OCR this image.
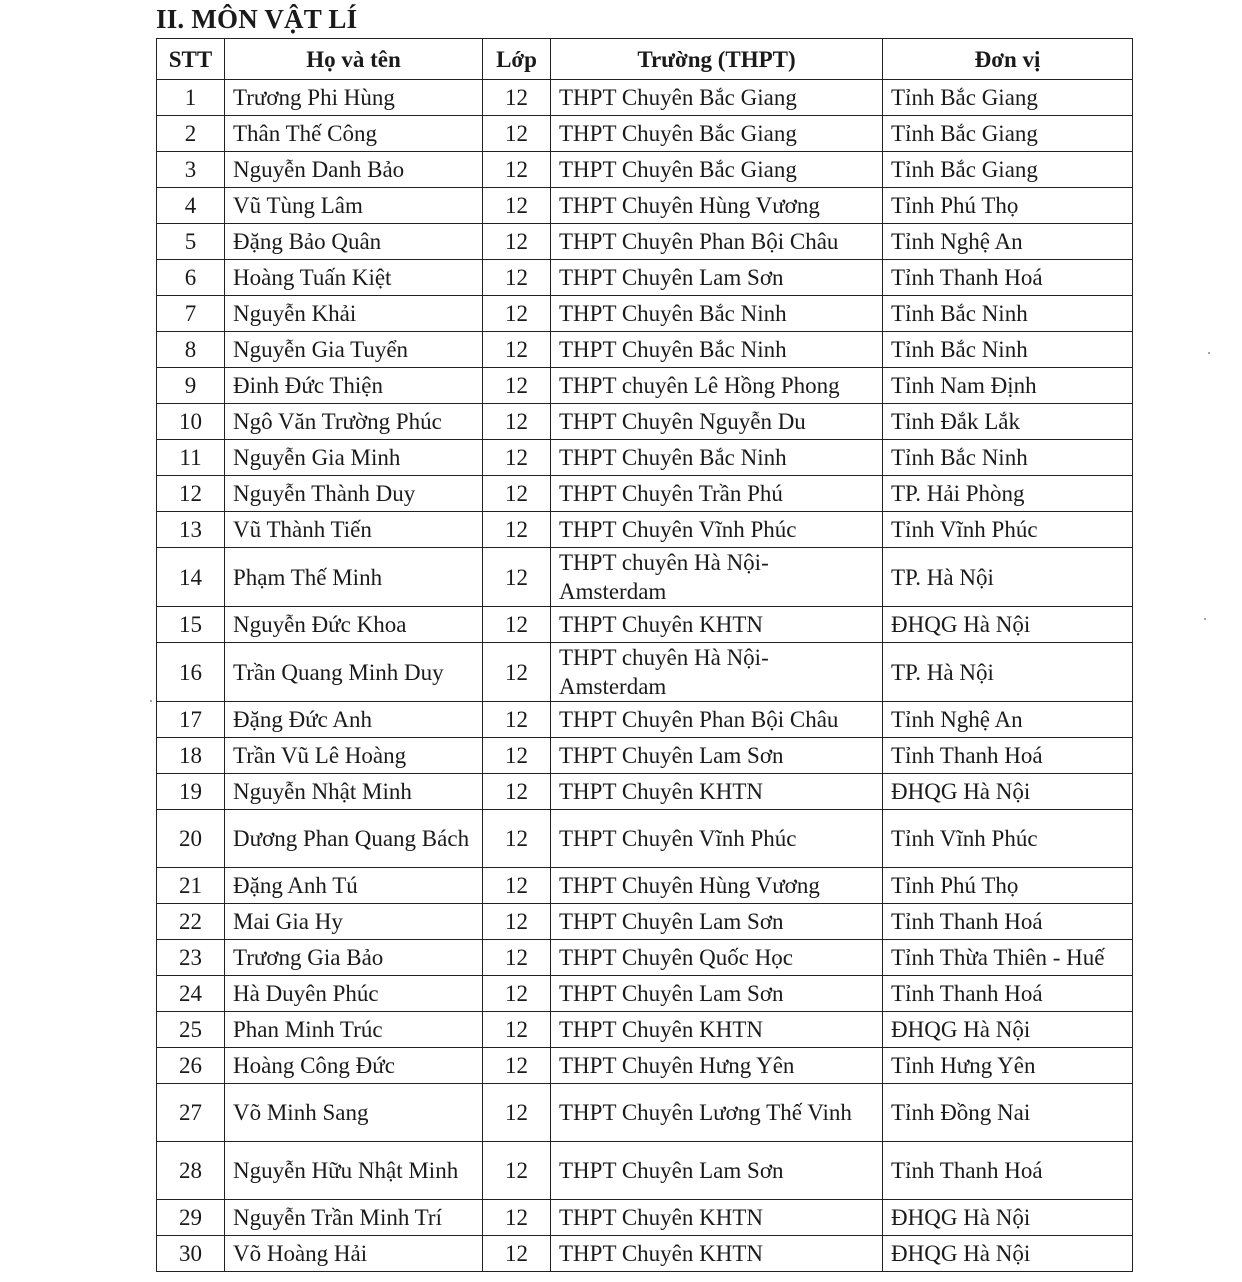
II. MÔN VẬT LÍ
STT	Họ và tên	Lớp	Trường (THPT)	Đơn vị
1	Trương Phi Hùng	12	THPT Chuyên Bắc Giang	Tỉnh Bắc Giang
2	Thân Thế Công	12	THPT Chuyên Bắc Giang	Tỉnh Bắc Giang
3	Nguyễn Danh Bảo	12	THPT Chuyên Bắc Giang	Tỉnh Bắc Giang
4	Vũ Tùng Lâm	12	THPT Chuyên Hùng Vương	Tỉnh Phú Thọ
5	Đặng Bảo Quân	12	THPT Chuyên Phan Bội Châu	Tỉnh Nghệ An
6	Hoàng Tuấn Kiệt	12	THPT Chuyên Lam Sơn	Tỉnh Thanh Hoá
7	Nguyễn Khải	12	THPT Chuyên Bắc Ninh	Tỉnh Bắc Ninh
8	Nguyễn Gia Tuyển	12	THPT Chuyên Bắc Ninh	Tỉnh Bắc Ninh
9	Đinh Đức Thiện	12	THPT chuyên Lê Hồng Phong	Tỉnh Nam Định
10	Ngô Văn Trường Phúc	12	THPT Chuyên Nguyễn Du	Tỉnh Đắk Lắk
11	Nguyễn Gia Minh	12	THPT Chuyên Bắc Ninh	Tỉnh Bắc Ninh
12	Nguyễn Thành Duy	12	THPT Chuyên Trần Phú	TP. Hải Phòng
13	Vũ Thành Tiến	12	THPT Chuyên Vĩnh Phúc	Tỉnh Vĩnh Phúc
14	Phạm Thế Minh	12	THPT chuyên Hà Nội-Amsterdam	TP. Hà Nội
15	Nguyễn Đức Khoa	12	THPT Chuyên KHTN	ĐHQG Hà Nội
16	Trần Quang Minh Duy	12	THPT chuyên Hà Nội-Amsterdam	TP. Hà Nội
17	Đặng Đức Anh	12	THPT Chuyên Phan Bội Châu	Tỉnh Nghệ An
18	Trần Vũ Lê Hoàng	12	THPT Chuyên Lam Sơn	Tỉnh Thanh Hoá
19	Nguyễn Nhật Minh	12	THPT Chuyên KHTN	ĐHQG Hà Nội
20	Dương Phan Quang Bách	12	THPT Chuyên Vĩnh Phúc	Tỉnh Vĩnh Phúc
21	Đặng Anh Tú	12	THPT Chuyên Hùng Vương	Tỉnh Phú Thọ
22	Mai Gia Hy	12	THPT Chuyên Lam Sơn	Tỉnh Thanh Hoá
23	Trương Gia Bảo	12	THPT Chuyên Quốc Học	Tỉnh Thừa Thiên - Huế
24	Hà Duyên Phúc	12	THPT Chuyên Lam Sơn	Tỉnh Thanh Hoá
25	Phan Minh Trúc	12	THPT Chuyên KHTN	ĐHQG Hà Nội
26	Hoàng Công Đức	12	THPT Chuyên Hưng Yên	Tỉnh Hưng Yên
27	Võ Minh Sang	12	THPT Chuyên Lương Thế Vinh	Tỉnh Đồng Nai
28	Nguyễn Hữu Nhật Minh	12	THPT Chuyên Lam Sơn	Tỉnh Thanh Hoá
29	Nguyễn Trần Minh Trí	12	THPT Chuyên KHTN	ĐHQG Hà Nội
30	Võ Hoàng Hải	12	THPT Chuyên KHTN	ĐHQG Hà Nội
